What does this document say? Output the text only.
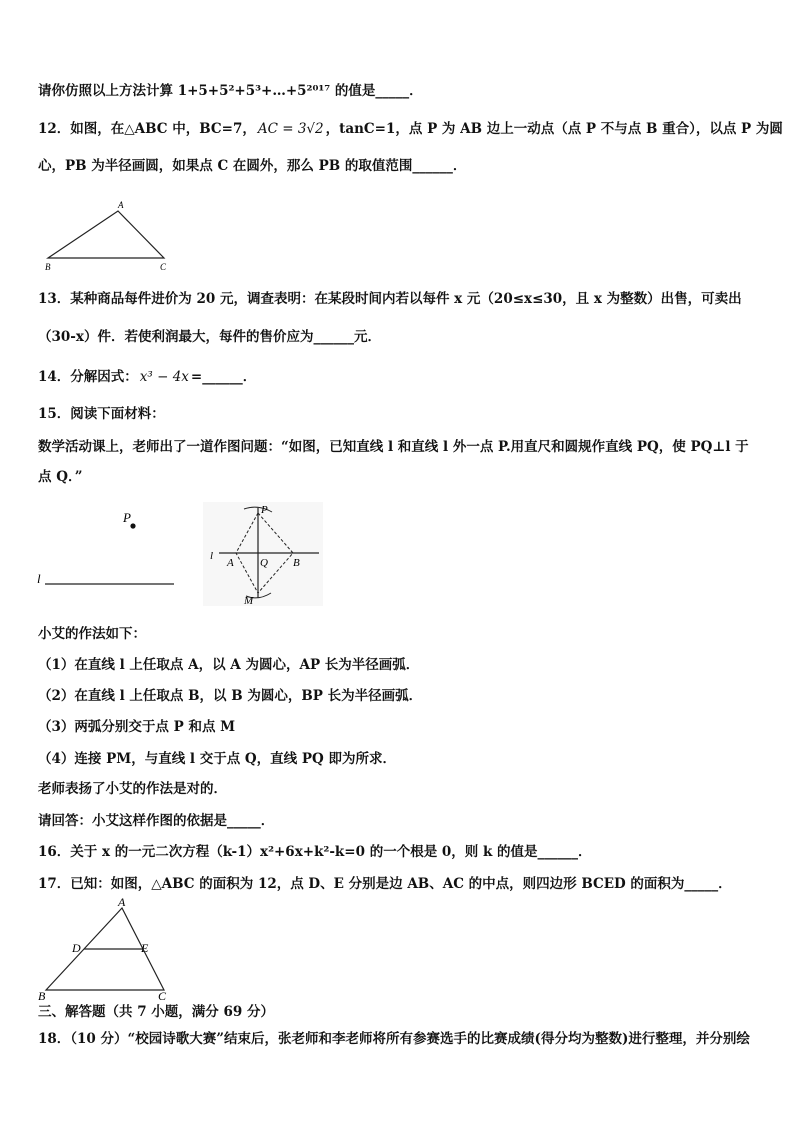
请你仿照以上方法计算 1+5+5²+5³+…+5²⁰¹⁷ 的值是_____．
12．如图，在△ABC 中，BC=7， AC = 3√2 ，tanC=1，点 P 为 AB 边上一动点（点 P 不与点 B 重合），以点 P 为圆
心，PB 为半径画圆，如果点 C 在圆外，那么 PB 的取值范围______．
A
B	C
13．某种商品每件进价为 20 元，调查表明：在某段时间内若以每件 x 元（20≤x≤30，且 x 为整数）出售，可卖出
（30-x）件．若使利润最大，每件的售价应为______元．
14．分解因式： x³ − 4x =______．
15．阅读下面材料：
数学活动课上，老师出了一道作图问题：“如图，已知直线 l 和直线 l 外一点 P.用直尺和圆规作直线 PQ，使 PQ⊥l 于
点 Q．”
P
l
P
l
A Q B
M
小艾的作法如下：
（1）在直线 l 上任取点 A，以 A 为圆心，AP 长为半径画弧．
（2）在直线 l 上任取点 B，以 B 为圆心，BP 长为半径画弧．
（3）两弧分别交于点 P 和点 M
（4）连接 PM，与直线 l 交于点 Q，直线 PQ 即为所求．
老师表扬了小艾的作法是对的．
请回答：小艾这样作图的依据是_____．
16．关于 x 的一元二次方程（k-1）x²+6x+k²-k=0 的一个根是 0，则 k 的值是______．
17．已知：如图，△ABC 的面积为 12，点 D、E 分别是边 AB、AC 的中点，则四边形 BCED 的面积为_____．
A
D	E
B	C
三、解答题（共 7 小题，满分 69 分）
18．（10 分）“校园诗歌大赛”结束后，张老师和李老师将所有参赛选手的比赛成绩(得分均为整数)进行整理，并分别绘
